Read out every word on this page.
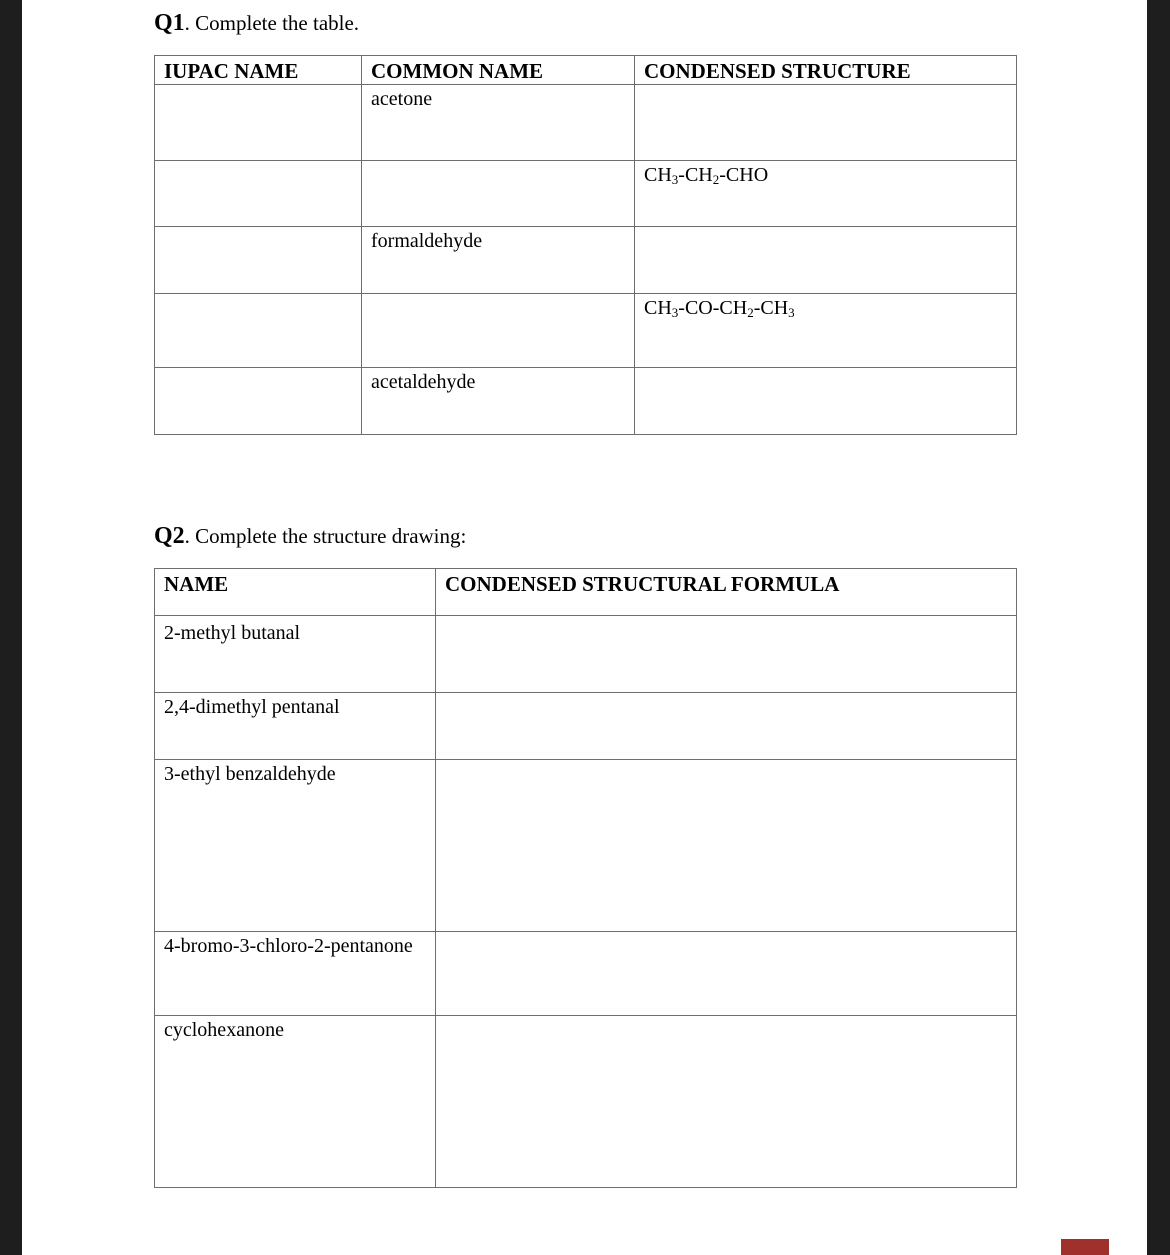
Q1. Complete the table.
IUPAC NAME	COMMON NAME	CONDENSED STRUCTURE
	acetone	
		$CH_3-CH_2$-CHO
	formaldehyde	
		$CH_3-CO-CH_2-CH_3$
	acetaldehyde	
Q2. Complete the structure drawing:
NAME	CONDENSED STRUCTURAL FORMULA
2-methyl butanal	
2,4-dimethyl pentanal	
3-ethyl benzaldehyde	
4-bromo-3-chloro-2-pentanone	
cyclohexanone	
